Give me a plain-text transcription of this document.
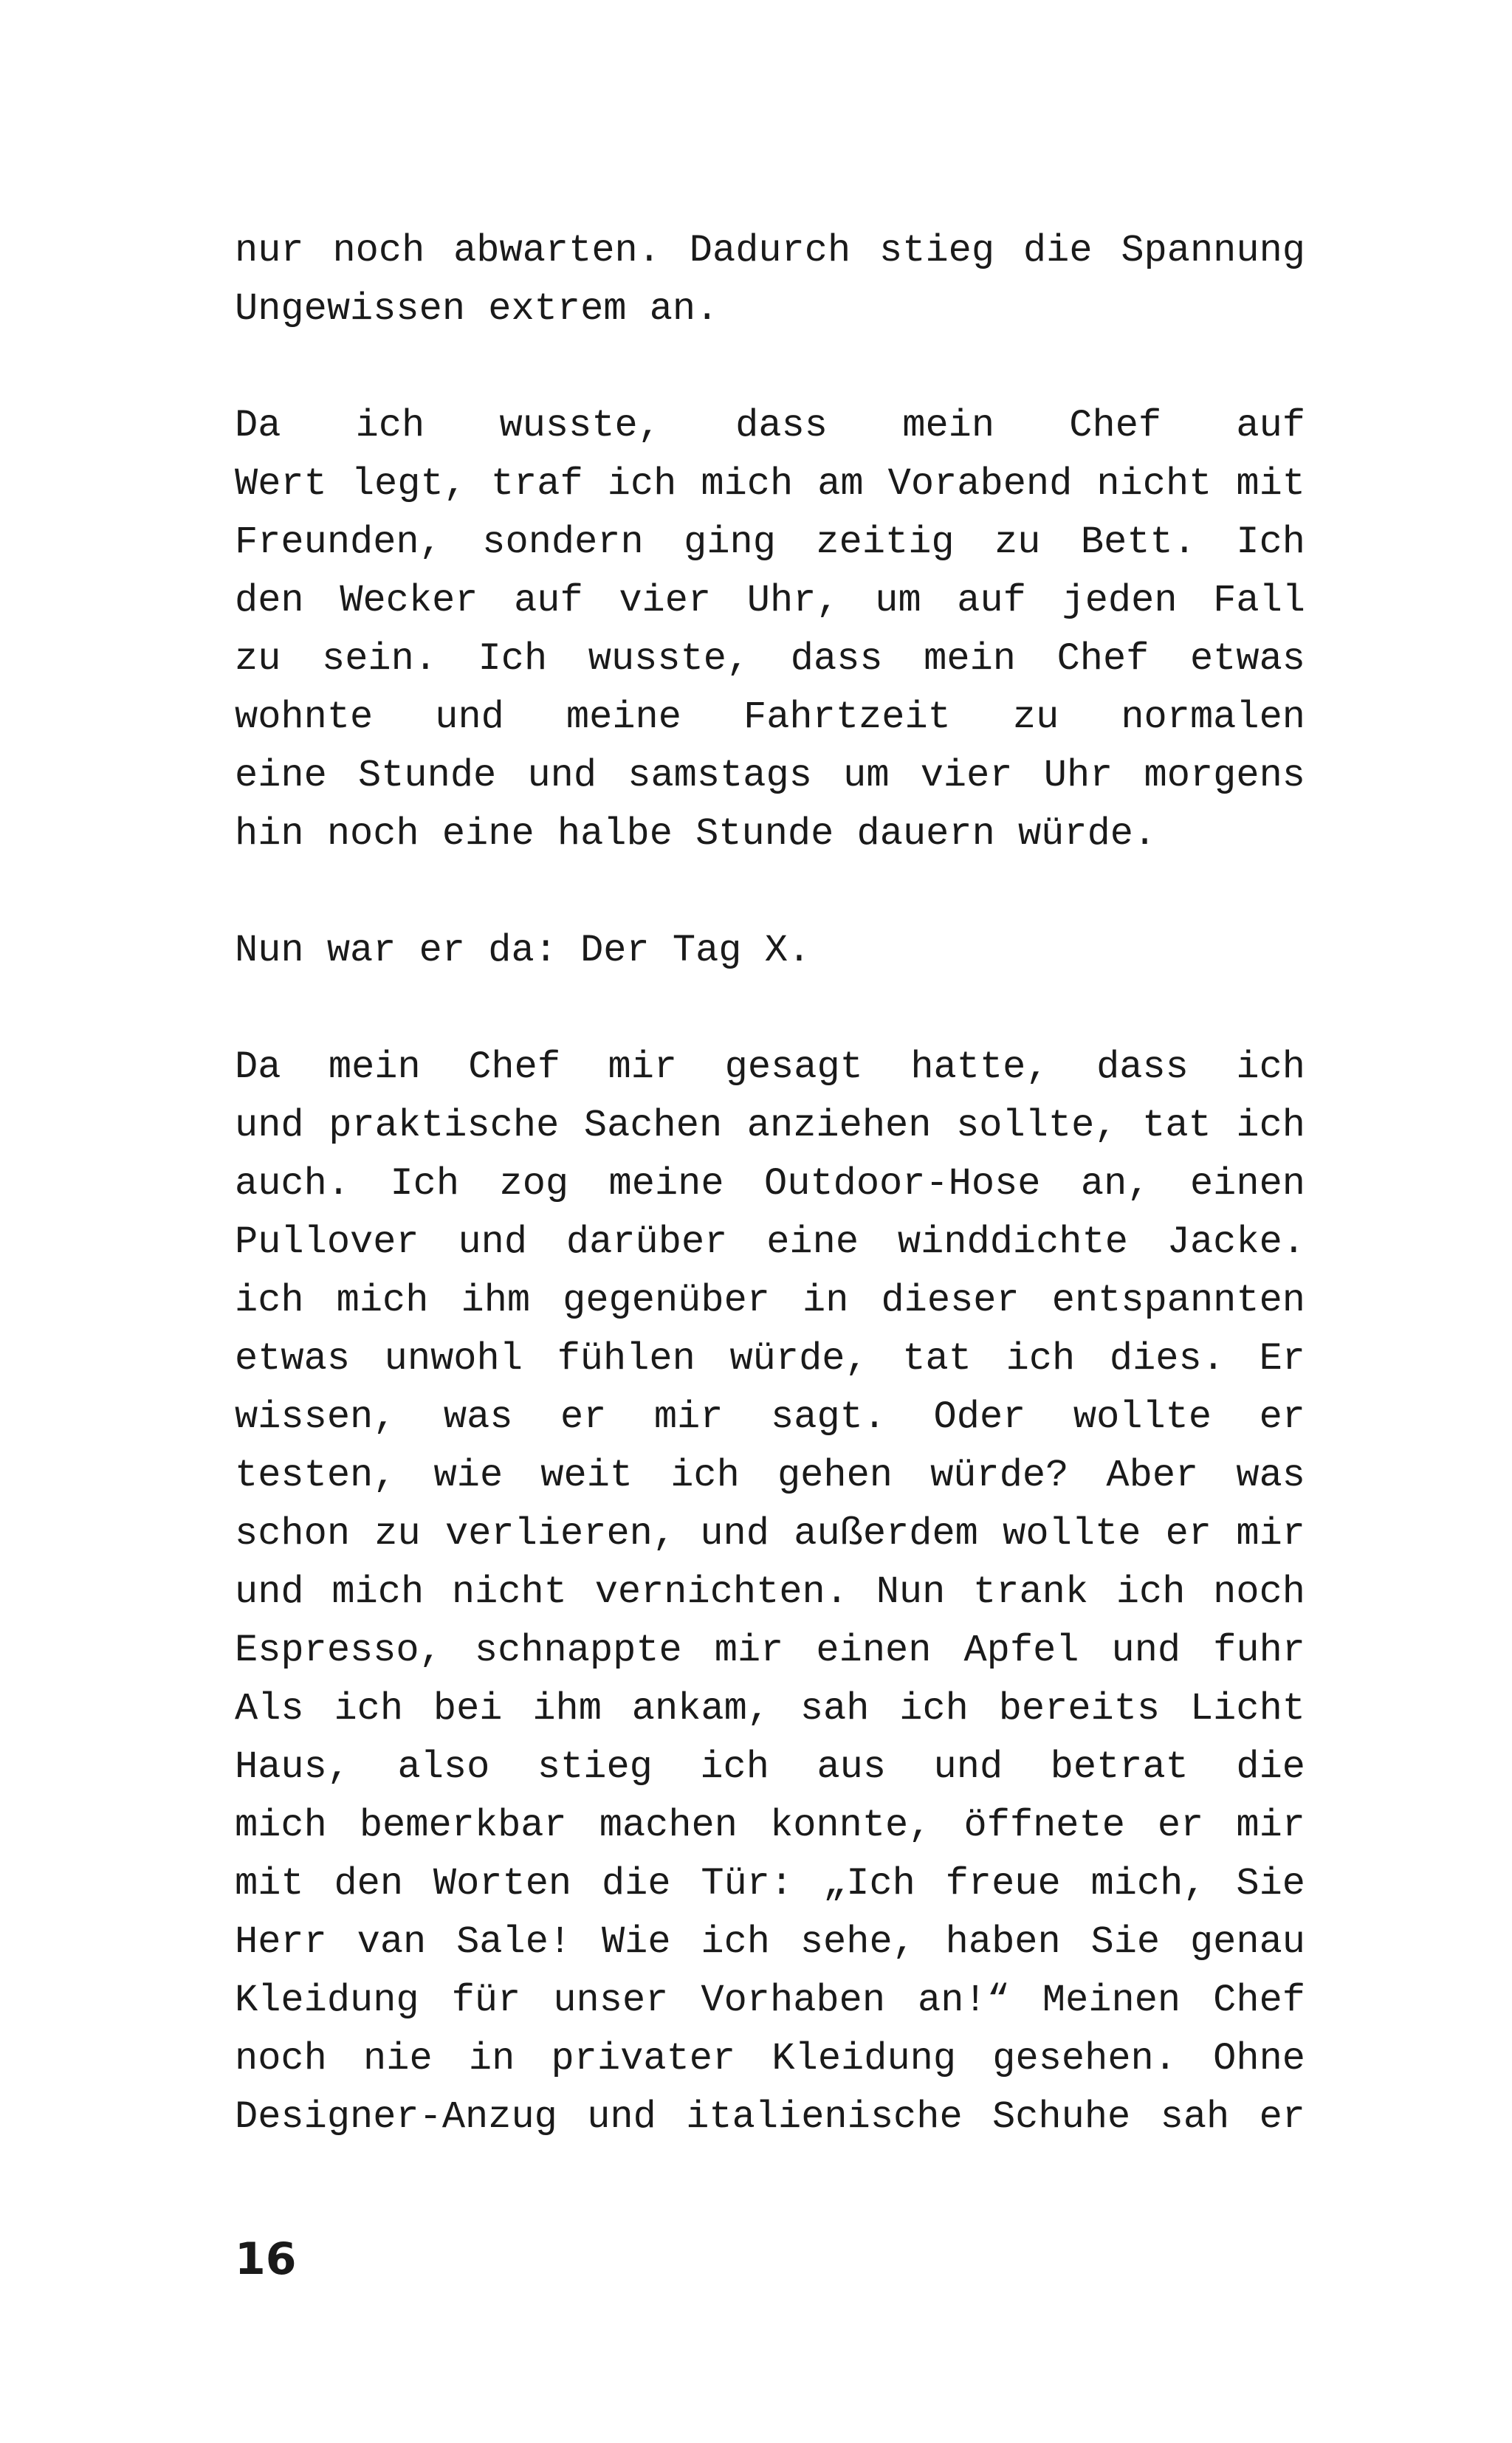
nur noch abwarten. Dadurch stieg die Spannung
Ungewissen extrem an.
Da ich wusste, dass mein Chef auf
Wert legt, traf ich mich am Vorabend nicht mit
Freunden, sondern ging zeitig zu Bett. Ich
den Wecker auf vier Uhr, um auf jeden Fall
zu sein. Ich wusste, dass mein Chef etwas
wohnte und meine Fahrtzeit zu normalen
eine Stunde und samstags um vier Uhr morgens
hin noch eine halbe Stunde dauern würde.
Nun war er da: Der Tag X.
Da mein Chef mir gesagt hatte, dass ich
und praktische Sachen anziehen sollte, tat ich
auch. Ich zog meine Outdoor-Hose an, einen
Pullover und darüber eine winddichte Jacke.
ich mich ihm gegenüber in dieser entspannten
etwas unwohl fühlen würde, tat ich dies. Er
wissen, was er mir sagt. Oder wollte er
testen, wie weit ich gehen würde? Aber was
schon zu verlieren, und außerdem wollte er mir
und mich nicht vernichten. Nun trank ich noch
Espresso, schnappte mir einen Apfel und fuhr
Als ich bei ihm ankam, sah ich bereits Licht
Haus, also stieg ich aus und betrat die
mich bemerkbar machen konnte, öffnete er mir
mit den Worten die Tür: „Ich freue mich, Sie
Herr van Sale! Wie ich sehe, haben Sie genau
Kleidung für unser Vorhaben an!“ Meinen Chef
noch nie in privater Kleidung gesehen. Ohne
Designer-Anzug und italienische Schuhe sah er
16
